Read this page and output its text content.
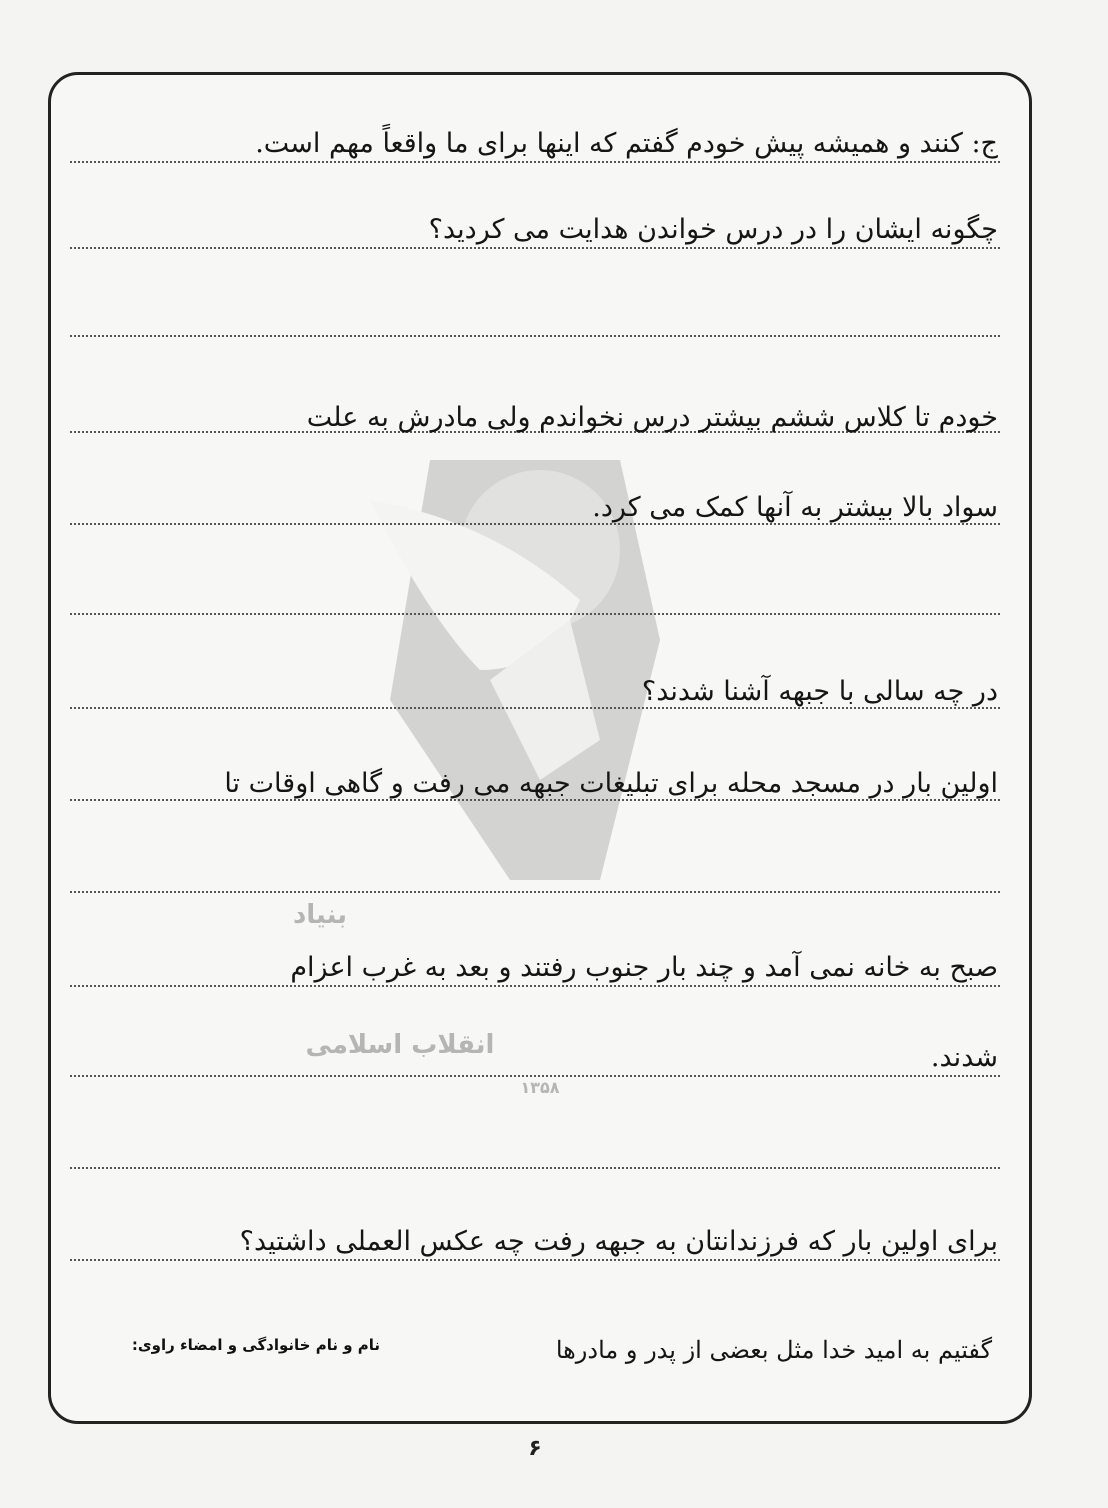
بنیاد
انقلاب اسلامی
۱۳۵۸
ج: کنند و همیشه پیش خودم گفتم که اینها برای ما واقعاً مهم است.
چگونه ایشان را در درس خواندن هدایت می کردید؟
خودم تا کلاس ششم بیشتر درس نخواندم ولی مادرش به علت
سواد بالا بیشتر به آنها کمک می کرد.
در چه سالی با جبهه آشنا شدند؟
اولین بار در مسجد محله برای تبلیغات جبهه می رفت و گاهی اوقات تا
صبح به خانه نمی آمد و چند بار جنوب رفتند و بعد به غرب اعزام
شدند.
برای اولین بار که فرزندانتان به جبهه رفت چه عکس العملی داشتید؟
گفتیم به امید خدا مثل بعضی از پدر و مادرها
نام و نام خانوادگی و امضاء راوی:
۶
